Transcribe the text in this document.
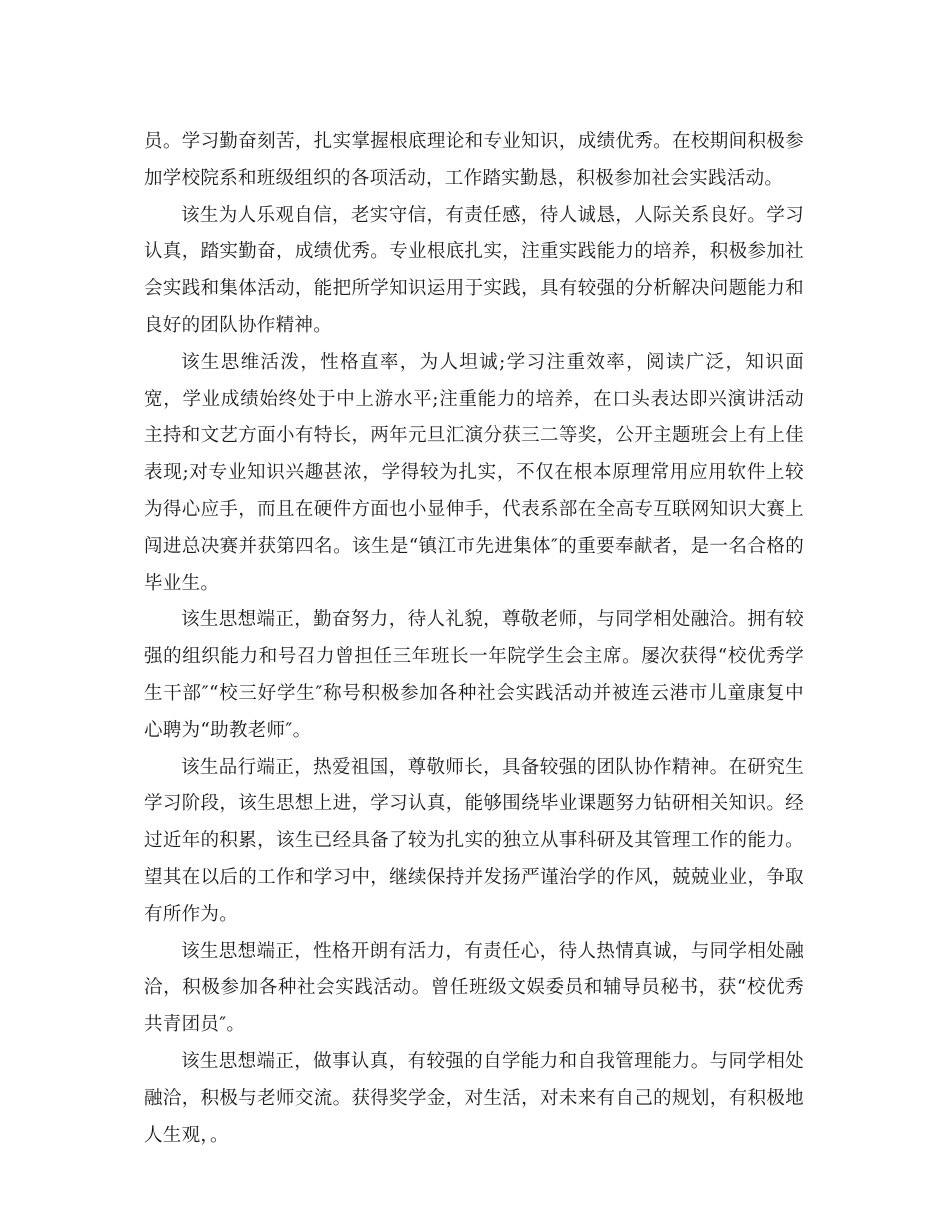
员。学习勤奋刻苦，扎实掌握根底理论和专业知识，成绩优秀。在校期间积极参加学校院系和班级组织的各项活动，工作踏实勤恳，积极参加社会实践活动。

该生为人乐观自信，老实守信，有责任感，待人诚恳，人际关系良好。学习认真，踏实勤奋，成绩优秀。专业根底扎实，注重实践能力的培养，积极参加社会实践和集体活动，能把所学知识运用于实践，具有较强的分析解决问题能力和良好的团队协作精神。

该生思维活泼，性格直率，为人坦诚;学习注重效率，阅读广泛，知识面宽，学业成绩始终处于中上游水平;注重能力的培养，在口头表达即兴演讲活动主持和文艺方面小有特长，两年元旦汇演分获三二等奖，公开主题班会上有上佳表现;对专业知识兴趣甚浓，学得较为扎实，不仅在根本原理常用应用软件上较为得心应手，而且在硬件方面也小显伸手，代表系部在全高专互联网知识大赛上闯进总决赛并获第四名。该生是“镇江市先进集体″的重要奉献者，是一名合格的毕业生。

该生思想端正，勤奋努力，待人礼貌，尊敬老师，与同学相处融洽。拥有较强的组织能力和号召力曾担任三年班长一年院学生会主席。屡次获得“校优秀学生干部″“校三好学生″称号积极参加各种社会实践活动并被连云港市儿童康复中心聘为“助教老师″。

该生品行端正，热爱祖国，尊敬师长，具备较强的团队协作精神。在研究生学习阶段，该生思想上进，学习认真，能够围绕毕业课题努力钻研相关知识。经过近年的积累，该生已经具备了较为扎实的独立从事科研及其管理工作的能力。望其在以后的工作和学习中，继续保持并发扬严谨治学的作风，兢兢业业，争取有所作为。

该生思想端正，性格开朗有活力，有责任心，待人热情真诚，与同学相处融洽，积极参加各种社会实践活动。曾任班级文娱委员和辅导员秘书，获“校优秀共青团员″。

该生思想端正，做事认真，有较强的自学能力和自我管理能力。与同学相处融洽，积极与老师交流。获得奖学金，对生活，对未来有自己的规划，有积极地人生观，。
